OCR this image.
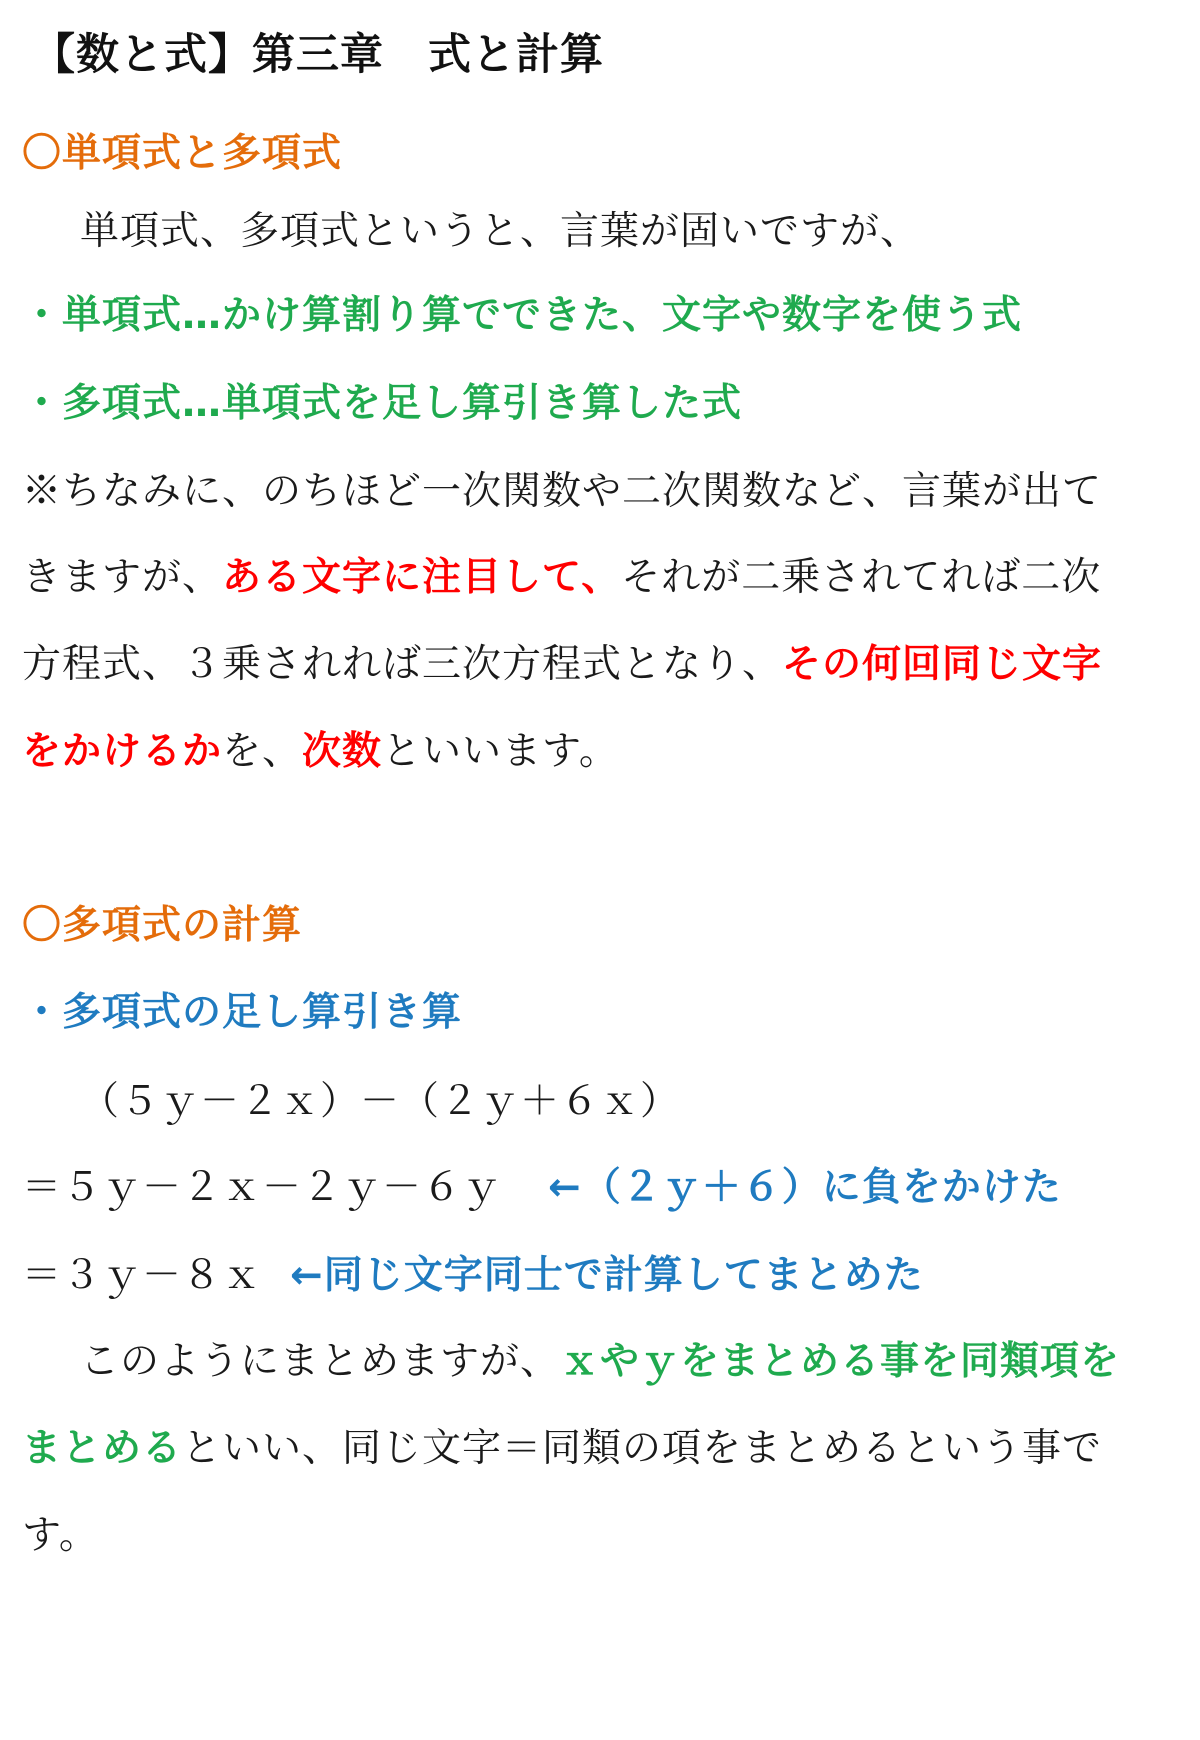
【数と式】第三章　式と計算
〇単項式と多項式
単項式、多項式というと、言葉が固いですが、
・単項式…かけ算割り算でできた、文字や数字を使う式
・多項式…単項式を足し算引き算した式
※ちなみに、のちほど一次関数や二次関数など、言葉が出て
きますが、ある文字に注目して、それが二乗されてれば二次
方程式、３乗されれば三次方程式となり、その何回同じ文字
をかけるかを、次数といいます。
〇多項式の計算
・多項式の足し算引き算
（５ｙ－２ｘ）－（２ｙ＋６ｘ）
＝５ｙ－２ｘ－２ｙ－６ｙ ←（２ｙ＋６）に負をかけた
＝３ｙ－８ｘ ←同じ文字同士で計算してまとめた
このようにまとめますが、ｘやｙをまとめる事を同類項を
まとめるといい、同じ文字＝同類の項をまとめるという事で
す。
